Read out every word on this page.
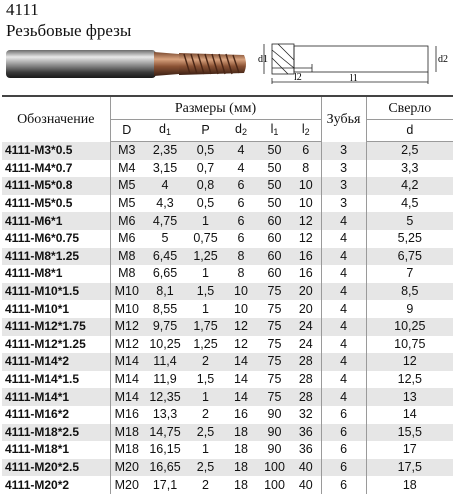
4111
Резьбовые фрезы
d1	d2
l2	l1
Обозначение	Размеры (мм)						Зубья	Сверло
	D	$d_1$	P	$d_2$	$l_1$	$l_2$		d
4111-M3*0.5	M3	2,35	0,5	4	50	6	3	2,5
4111-M4*0.7	M4	3,15	0,7	4	50	8	3	3,3
4111-M5*0.8	M5	4	0,8	6	50	10	3	4,2
4111-M5*0.5	M5	4,3	0,5	6	50	10	3	4,5
4111-M6*1	M6	4,75	1	6	60	12	4	5
4111-M6*0.75	M6	5	0,75	6	60	12	4	5,25
4111-M8*1.25	M8	6,45	1,25	8	60	16	4	6,75
4111-M8*1	M8	6,65	1	8	60	16	4	7
4111-M10*1.5	M10	8,1	1,5	10	75	20	4	8,5
4111-M10*1	M10	8,55	1	10	75	20	4	9
4111-M12*1.75	M12	9,75	1,75	12	75	24	4	10,25
4111-M12*1.25	M12	10,25	1,25	12	75	24	4	10,75
4111-M14*2	M14	11,4	2	14	75	28	4	12
4111-M14*1.5	M14	11,9	1,5	14	75	28	4	12,5
4111-M14*1	M14	12,35	1	14	75	28	4	13
4111-M16*2	M16	13,3	2	16	90	32	6	14
4111-M18*2.5	M18	14,75	2,5	18	90	36	6	15,5
4111-M18*1	M18	16,15	1	18	90	36	6	17
4111-M20*2.5	M20	16,65	2,5	18	100	40	6	17,5
4111-M20*2	M20	17,1	2	18	100	40	6	18
